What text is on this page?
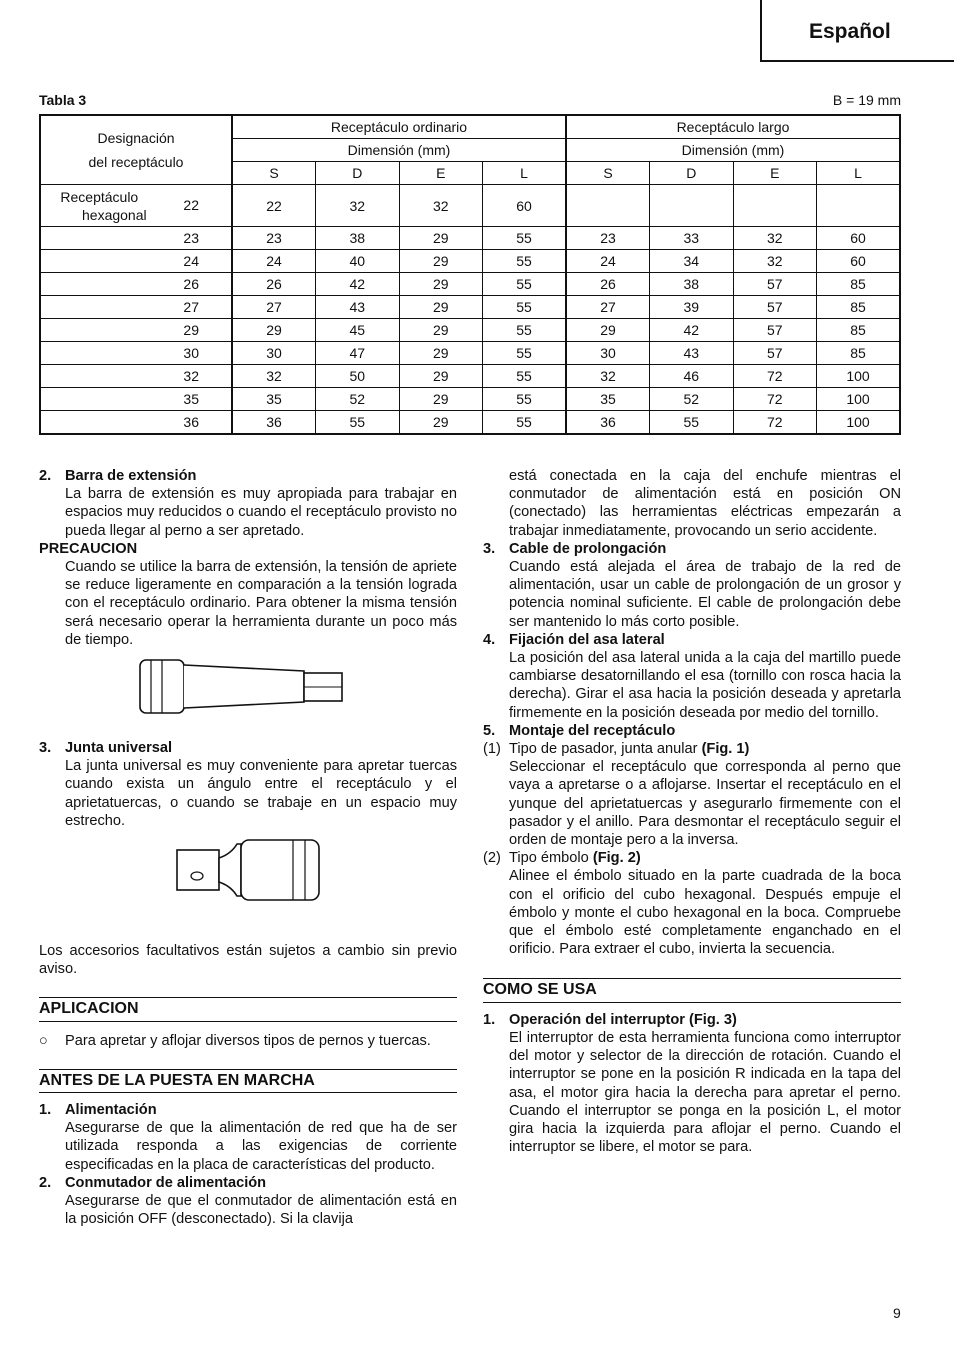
Español
Tabla 3	B = 19 mm
Designación
del receptáculo	Receptáculo ordinario				Receptáculo largo			
	Dimensión (mm)				Dimensión (mm)			
	S	D	E	L	S	D	E	L

Receptáculo
hexagonal
22	22	32	32	60				
23	23	38	29	55	23	33	32	60
24	24	40	29	55	24	34	32	60
26	26	42	29	55	26	38	57	85
27	27	43	29	55	27	39	57	85
29	29	45	29	55	29	42	57	85
30	30	47	29	55	30	43	57	85
32	32	50	29	55	32	46	72	100
35	35	52	29	55	35	52	72	100
36	36	55	29	55	36	55	72	100
2. Barra de extensión

La barra de extensión es muy apropiada para trabajar en espacios muy reducidos o cuando el receptáculo provisto no pueda llegar al perno a ser apretado.

PRECAUCION

Cuando se utilice la barra de extensión, la tensión de apriete se reduce ligeramente en comparación a la tensión lograda con el receptáculo ordinario. Para obtener la misma tensión será necesario operar la herramienta durante un poco más de tiempo.

3. Junta universal

La junta universal es muy conveniente para apretar tuercas cuando exista un ángulo entre el receptáculo y el aprietatuercas, o cuando se trabaje en un espacio muy estrecho.

Los accesorios facultativos están sujetos a cambio sin previo aviso.

APLICACION
○ Para apretar y aflojar diversos tipos de pernos y tuercas.
ANTES DE LA PUESTA EN MARCHA
1. Alimentación

Asegurarse de que la alimentación de red que ha de ser utilizada responda a las exigencias de corriente especificadas en la placa de características del producto.

2. Conmutador de alimentación

Asegurarse de que el conmutador de alimentación está en la posición OFF (desconectado). Si la clavija

está conectada en la caja del enchufe mientras el conmutador de alimentación está en posición ON (conectado) las herramientas eléctricas empezarán a trabajar inmediatamente, provocando un serio accidente.

3. Cable de prolongación

Cuando está alejada el área de trabajo de la red de alimentación, usar un cable de prolongación de un grosor y potencia nominal suficiente. El cable de prolongación debe ser mantenido lo más corto posible.

4. Fijación del asa lateral

La posición del asa lateral unida a la caja del martillo puede cambiarse desatornillando el esa (tornillo con rosca hacia la derecha). Girar el asa hacia la posición deseada y apretarla firmemente en la posición deseada por medio del tornillo.

5. Montaje del receptáculo
(1) Tipo de pasador, junta anular (Fig. 1)

Seleccionar el receptáculo que corresponda al perno que vaya a apretarse o a aflojarse. Insertar el receptáculo en el yunque del aprietatuercas y asegurarlo firmemente con el pasador y el anillo. Para desmontar el receptáculo seguir el orden de montaje pero a la inversa.

(2) Tipo émbolo (Fig. 2)

Alinee el émbolo situado en la parte cuadrada de la boca con el orificio del cubo hexagonal. Después empuje el émbolo y monte el cubo hexagonal en la boca. Compruebe que el émbolo esté completamente enganchado en el orificio. Para extraer el cubo, invierta la secuencia.

COMO SE USA
1. Operación del interruptor (Fig. 3)

El interruptor de esta herramienta funciona como interruptor del motor y selector de la dirección de rotación. Cuando el interruptor se pone en la posición R indicada en la tapa del asa, el motor gira hacia la derecha para apretar el perno. Cuando el interruptor se ponga en la posición L, el motor gira hacia la izquierda para aflojar el perno. Cuando el interruptor se libere, el motor se para.

9
